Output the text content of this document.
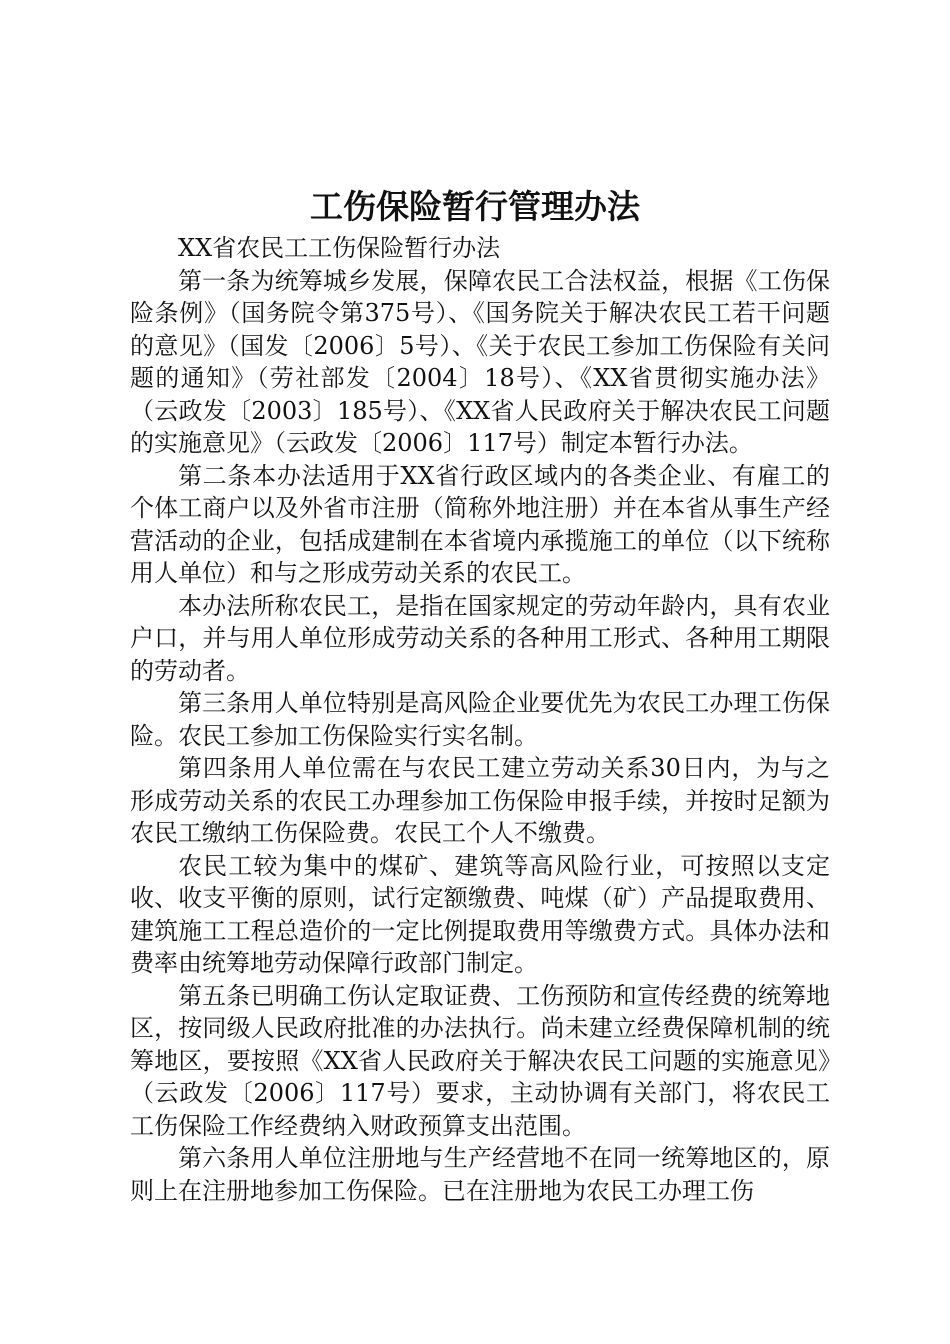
工伤保险暂行管理办法

XX省农民工工伤保险暂行办法

第一条为统筹城乡发展，保障农民工合法权益，根据《工伤保险条例》（国务院令第375号）、《国务院关于解决农民工若干问题的意见》（国发〔2006〕5号）、《关于农民工参加工伤保险有关问题的通知》（劳社部发〔2004〕18号）、《XX省贯彻实施办法》（云政发〔2003〕185号）、《XX省人民政府关于解决农民工问题的实施意见》（云政发〔2006〕117号）制定本暂行办法。

第二条本办法适用于XX省行政区域内的各类企业、有雇工的个体工商户以及外省市注册（简称外地注册）并在本省从事生产经营活动的企业，包括成建制在本省境内承揽施工的单位（以下统称用人单位）和与之形成劳动关系的农民工。

本办法所称农民工，是指在国家规定的劳动年龄内，具有农业户口，并与用人单位形成劳动关系的各种用工形式、各种用工期限的劳动者。

第三条用人单位特别是高风险企业要优先为农民工办理工伤保险。农民工参加工伤保险实行实名制。

第四条用人单位需在与农民工建立劳动关系30日内，为与之形成劳动关系的农民工办理参加工伤保险申报手续，并按时足额为农民工缴纳工伤保险费。农民工个人不缴费。

农民工较为集中的煤矿、建筑等高风险行业，可按照以支定收、收支平衡的原则，试行定额缴费、吨煤（矿）产品提取费用、建筑施工工程总造价的一定比例提取费用等缴费方式。具体办法和费率由统筹地劳动保障行政部门制定。

第五条已明确工伤认定取证费、工伤预防和宣传经费的统筹地区，按同级人民政府批准的办法执行。尚未建立经费保障机制的统筹地区，要按照《XX省人民政府关于解决农民工问题的实施意见》（云政发〔2006〕117号）要求，主动协调有关部门，将农民工工伤保险工作经费纳入财政预算支出范围。

第六条用人单位注册地与生产经营地不在同一统筹地区的，原则上在注册地参加工伤保险。已在注册地为农民工办理工伤
